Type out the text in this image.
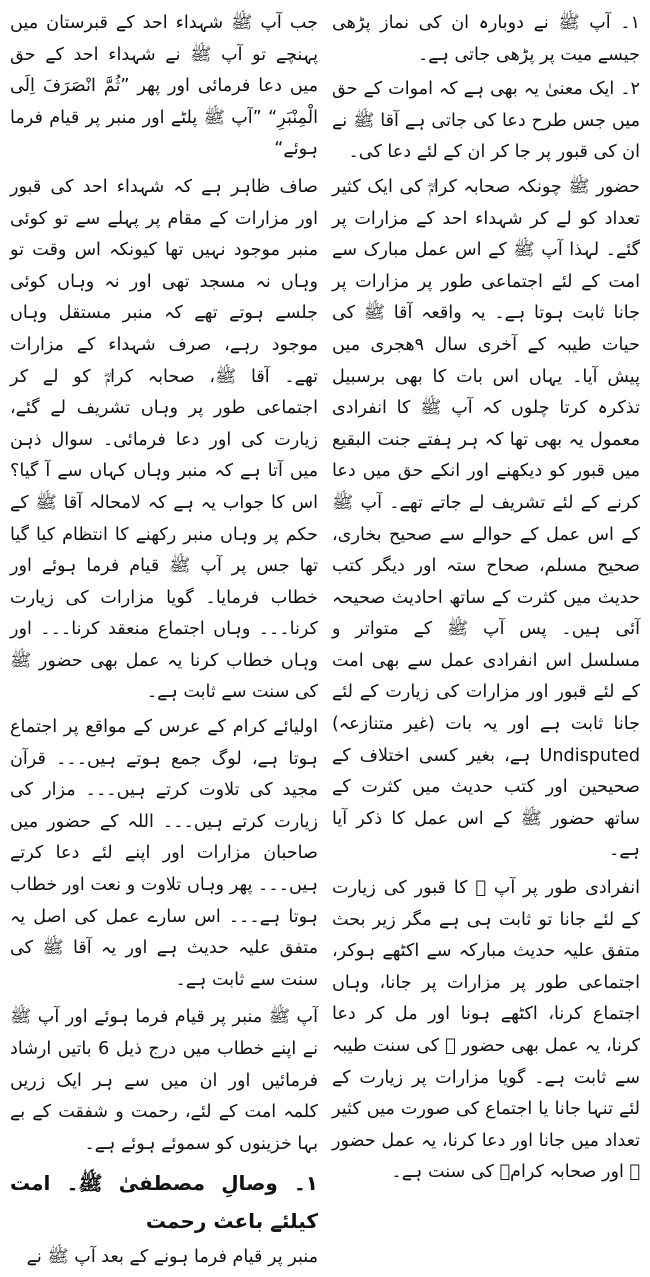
۱۔ آپ ﷺ نے دوبارہ ان کی نماز پڑھی جیسے میت پر پڑھی جاتی ہے۔

۲۔ ایک معنیٰ یہ بھی ہے کہ اموات کے حق میں جس طرح دعا کی جاتی ہے آقا ﷺ نے ان کی قبور پر جا کر ان کے لئے دعا کی۔

حضور ﷺ چونکہ صحابہ کرامؓ کی ایک کثیر تعداد کو لے کر شہداء احد کے مزارات پر گئے۔ لہذا آپ ﷺ کے اس عمل مبارک سے امت کے لئے اجتماعی طور پر مزارات پر جانا ثابت ہوتا ہے۔ یہ واقعہ آقا ﷺ کی حیات طیبہ کے آخری سال ۹ھجری میں پیش آیا۔ یہاں اس بات کا بھی برسبیل تذکرہ کرتا چلوں کہ آپ ﷺ کا انفرادی معمول یہ بھی تھا کہ ہر ہفتے جنت البقیع میں قبور کو دیکھنے اور انکے حق میں دعا کرنے کے لئے تشریف لے جاتے تھے۔ آپ ﷺ کے اس عمل کے حوالے سے صحیح بخاری، صحیح مسلم، صحاح ستہ اور دیگر کتب حدیث میں کثرت کے ساتھ احادیث صحیحہ آئی ہیں۔ پس آپ ﷺ کے متواتر و مسلسل اس انفرادی عمل سے بھی امت کے لئے قبور اور مزارات کی زیارت کے لئے جانا ثابت ہے اور یہ بات (غیر متنازعہ) Undisputed ہے، بغیر کسی اختلاف کے صحیحین اور کتب حدیث میں کثرت کے ساتھ حضور ﷺ کے اس عمل کا ذکر آیا ہے۔

انفرادی طور پر آپ ﷺ کا قبور کی زیارت کے لئے جانا تو ثابت ہی ہے مگر زیر بحث متفق علیہ حدیث مبارکہ سے اکٹھے ہوکر، اجتماعی طور پر مزارات پر جانا، وہاں اجتماع کرنا، اکٹھے ہونا اور مل کر دعا کرنا، یہ عمل بھی حضور ﷺ کی سنت طیبہ سے ثابت ہے۔ گویا مزارات پر زیارت کے لئے تنہا جانا یا اجتماع کی صورت میں کثیر تعداد میں جانا اور دعا کرنا، یہ عمل حضور ﷺ اور صحابہ کرامؓ کی سنت ہے۔

جب آپ ﷺ شہداء احد کے قبرستان میں پہنچے تو آپ ﷺ نے شہداء احد کے حق میں دعا فرمائی اور پھر ”ثُمَّ انْصَرَفَ اِلَی الْمِنْبَرِ“ ”آپ ﷺ پلٹے اور منبر پر قیام فرما ہوئے“

صاف ظاہر ہے کہ شہداء احد کی قبور اور مزارات کے مقام پر پہلے سے تو کوئی منبر موجود نہیں تھا کیونکہ اس وقت تو وہاں نہ مسجد تھی اور نہ وہاں کوئی جلسے ہوتے تھے کہ منبر مستقل وہاں موجود رہے، صرف شہداء کے مزارات تھے۔ آقا ﷺ، صحابہ کرامؓ کو لے کر اجتماعی طور پر وہاں تشریف لے گئے، زیارت کی اور دعا فرمائی۔ سوال ذہن میں آتا ہے کہ منبر وہاں کہاں سے آ گیا؟ اس کا جواب یہ ہے کہ لامحالہ آقا ﷺ کے حکم پر وہاں منبر رکھنے کا انتظام کیا گیا تھا جس پر آپ ﷺ قیام فرما ہوئے اور خطاب فرمایا۔ گویا مزارات کی زیارت کرنا۔۔۔ وہاں اجتماع منعقد کرنا۔۔۔ اور وہاں خطاب کرنا یہ عمل بھی حضور ﷺ کی سنت سے ثابت ہے۔

اولیائے کرام کے عرس کے مواقع پر اجتماع ہوتا ہے، لوگ جمع ہوتے ہیں۔۔۔ قرآن مجید کی تلاوت کرتے ہیں۔۔۔ مزار کی زیارت کرتے ہیں۔۔۔ اللہ کے حضور میں صاحبان مزارات اور اپنے لئے دعا کرتے ہیں۔۔۔ پھر وہاں تلاوت و نعت اور خطاب ہوتا ہے۔۔۔ اس سارے عمل کی اصل یہ متفق علیہ حدیث ہے اور یہ آقا ﷺ کی سنت سے ثابت ہے۔

آپ ﷺ منبر پر قیام فرما ہوئے اور آپ ﷺ نے اپنے خطاب میں درج ذیل 6 باتیں ارشاد فرمائیں اور ان میں سے ہر ایک زریں کلمہ امت کے لئے، رحمت و شفقت کے بے بہا خزینوں کو سموئے ہوئے ہے۔

۱۔ وصالِ مصطفیٰ ﷺ۔ امت کیلئے باعث رحمت

منبر پر قیام فرما ہونے کے بعد آپ ﷺ نے
